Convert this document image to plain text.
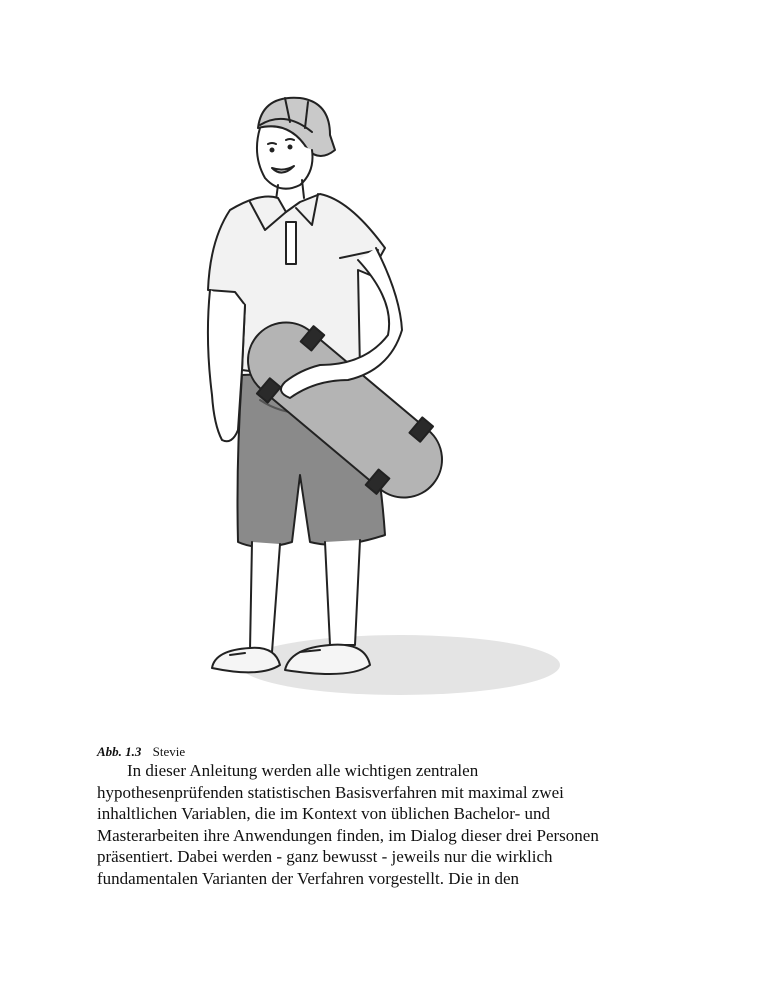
Abb. 1.3 Stevie
In dieser Anleitung werden alle wichtigen zentralen
hypothesenprüfenden statistischen Basisverfahren mit maximal zwei
inhaltlichen Variablen, die im Kontext von üblichen Bachelor- und
Masterarbeiten ihre Anwendungen finden, im Dialog dieser drei Personen
präsentiert. Dabei werden - ganz bewusst - jeweils nur die wirklich
fundamentalen Varianten der Verfahren vorgestellt. Die in den
